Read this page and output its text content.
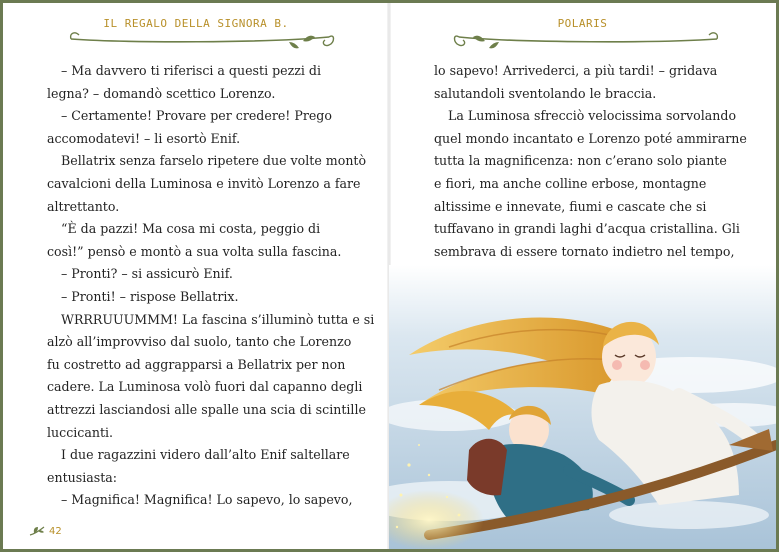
IL REGALO DELLA SIGNORA B.

– Ma davvero ti riferisci a questi pezzi di

legna? – domandò scettico Lorenzo.

– Certamente! Provare per credere! Prego

accomodatevi! – li esortò Enif.

Bellatrix senza farselo ripetere due volte montò

cavalcioni della Luminosa e invitò Lorenzo a fare

altrettanto.

“È da pazzi! Ma cosa mi costa, peggio di

così!” pensò e montò a sua volta sulla fascina.

– Pronti? – si assicurò Enif.

– Pronti! – rispose Bellatrix.

WRRRUUUMMM! La fascina s’illuminò tutta e si

alzò all’improvviso dal suolo, tanto che Lorenzo

fu costretto ad aggrapparsi a Bellatrix per non

cadere. La Luminosa volò fuori dal capanno degli

attrezzi lasciandosi alle spalle una scia di scintille

luccicanti.

I due ragazzini videro dall’alto Enif saltellare

entusiasta:

– Magnifica! Magnifica! Lo sapevo, lo sapevo,

42
POLARIS

lo sapevo! Arrivederci, a più tardi! – gridava

salutandoli sventolando le braccia.

La Luminosa sfrecciò velocissima sorvolando

quel mondo incantato e Lorenzo poté ammirarne

tutta la magnificenza: non c’erano solo piante

e fiori, ma anche colline erbose, montagne

altissime e innevate, fiumi e cascate che si

tuffavano in grandi laghi d’acqua cristallina. Gli

sembrava di essere tornato indietro nel tempo,
